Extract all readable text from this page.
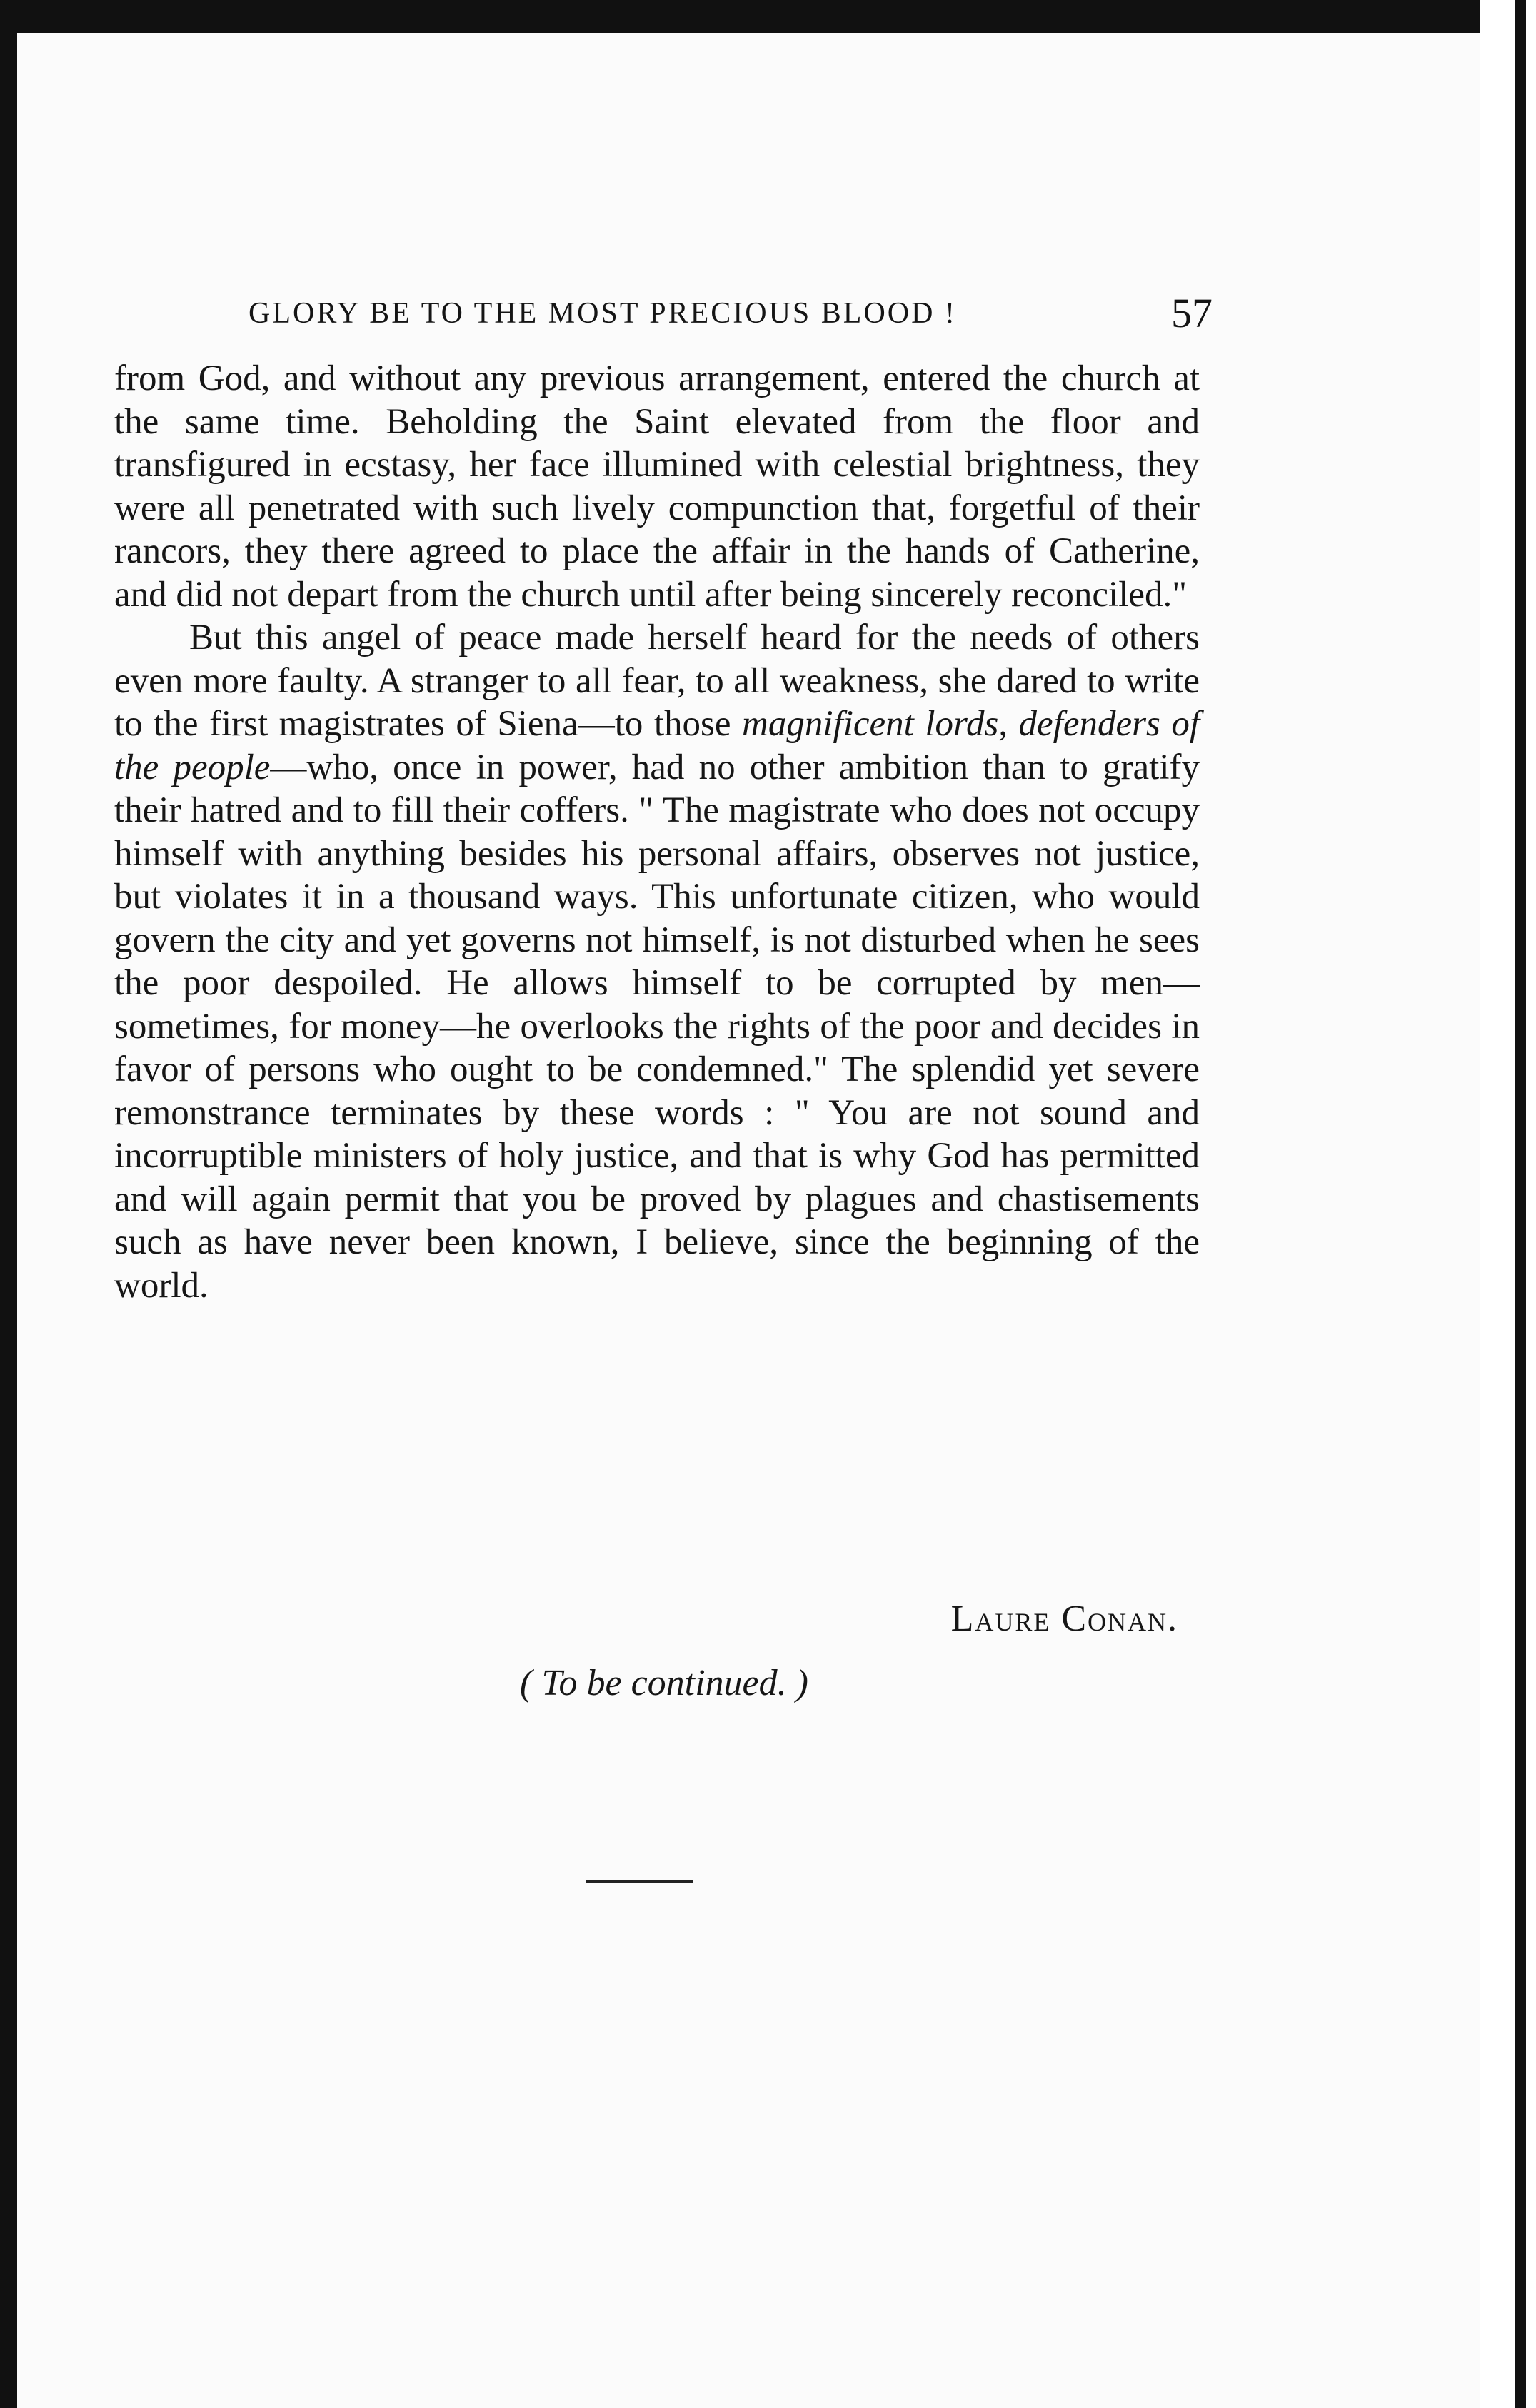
GLORY BE TO THE MOST PRECIOUS BLOOD !	57

from God, and without any previous arrangement, entered the church at the same time. Beholding the Saint elevated from the floor and transfigured in ecstasy, her face illumined with celestial brightness, they were all penetrated with such lively compunction that, forgetful of their rancors, they there agreed to place the affair in the hands of Catherine, and did not depart from the church until after being sincerely reconciled."

But this angel of peace made herself heard for the needs of others even more faulty. A stranger to all fear, to all weakness, she dared to write to the first magistrates of Siena—to those magnificent lords, defenders of the people—who, once in power, had no other ambition than to gratify their hatred and to fill their coffers. " The magistrate who does not occupy himself with anything besides his personal affairs, observes not justice, but violates it in a thousand ways. This unfortunate citizen, who would govern the city and yet governs not himself, is not disturbed when he sees the poor despoiled. He allows himself to be corrupted by men—sometimes, for money—he overlooks the rights of the poor and decides in favor of persons who ought to be condemned." The splendid yet severe remonstrance terminates by these words : " You are not sound and incorruptible ministers of holy justice, and that is why God has permitted and will again permit that you be proved by plagues and chastisements such as have never been known, I believe, since the beginning of the world.

Laure Conan.
( To be continued. )
